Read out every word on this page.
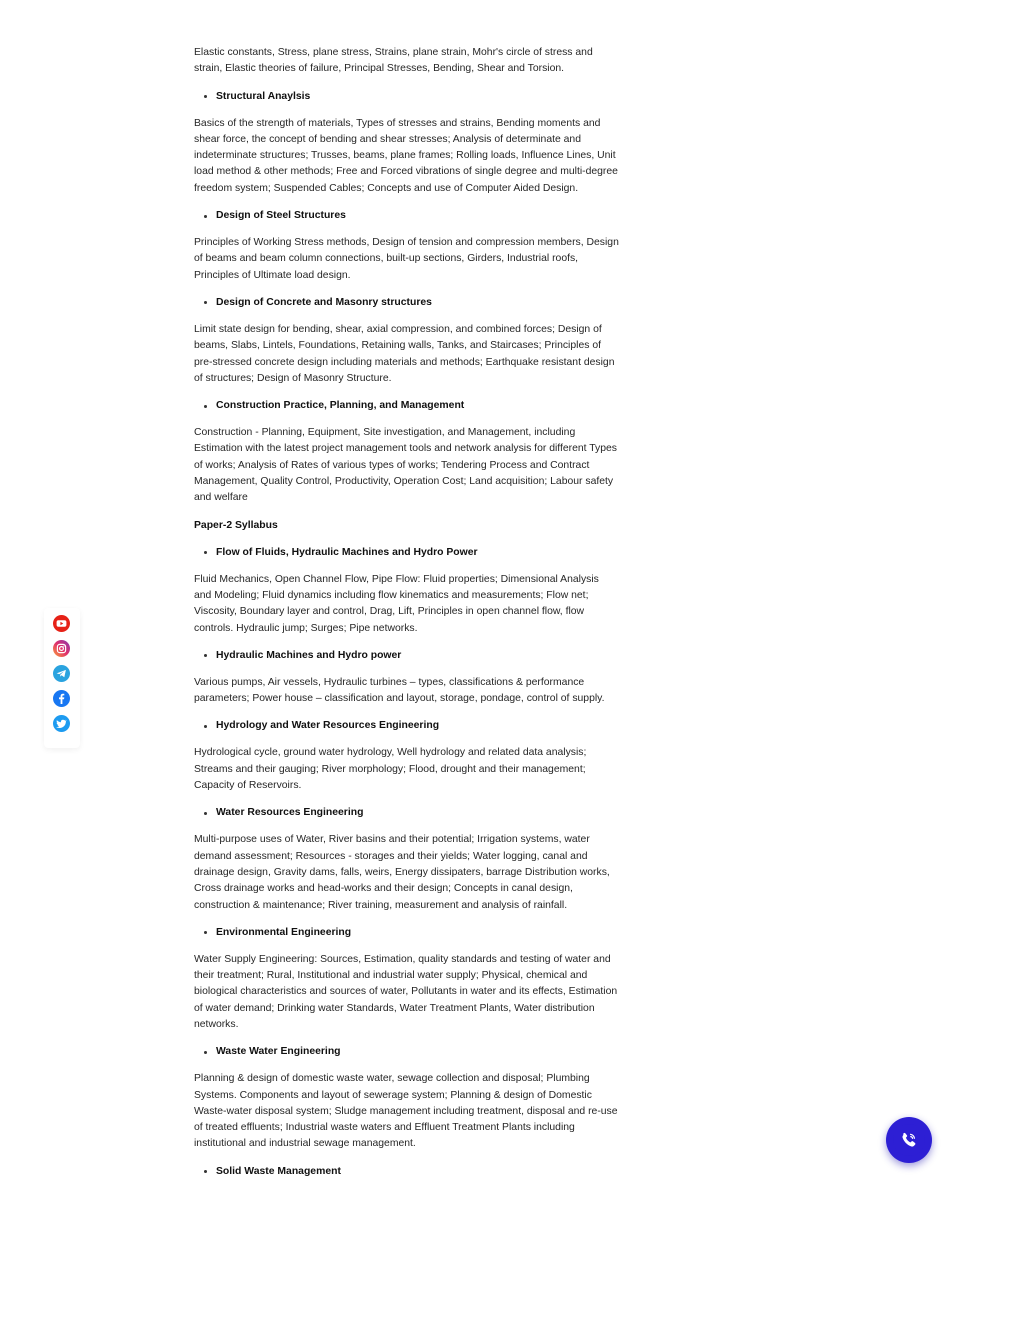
Elastic constants, Stress, plane stress, Strains, plane strain, Mohr's circle of stress and strain, Elastic theories of failure, Principal Stresses, Bending, Shear and Torsion.

Structural Anaylsis

Basics of the strength of materials, Types of stresses and strains, Bending moments and shear force, the concept of bending and shear stresses; Analysis of determinate and indeterminate structures; Trusses, beams, plane frames; Rolling loads, Influence Lines, Unit load method & other methods; Free and Forced vibrations of single degree and multi-degree freedom system; Suspended Cables; Concepts and use of Computer Aided Design.

Design of Steel Structures

Principles of Working Stress methods, Design of tension and compression members, Design of beams and beam column connections, built-up sections, Girders, Industrial roofs, Principles of Ultimate load design.

Design of Concrete and Masonry structures

Limit state design for bending, shear, axial compression, and combined forces; Design of beams, Slabs, Lintels, Foundations, Retaining walls, Tanks, and Staircases; Principles of pre-stressed concrete design including materials and methods; Earthquake resistant design of structures; Design of Masonry Structure.

Construction Practice, Planning, and Management

Construction - Planning, Equipment, Site investigation, and Management, including Estimation with the latest project management tools and network analysis for different Types of works; Analysis of Rates of various types of works; Tendering Process and Contract Management, Quality Control, Productivity, Operation Cost; Land acquisition; Labour safety and welfare

Paper-2 Syllabus
Flow of Fluids, Hydraulic Machines and Hydro Power

Fluid Mechanics, Open Channel Flow, Pipe Flow: Fluid properties; Dimensional Analysis and Modeling; Fluid dynamics including flow kinematics and measurements; Flow net; Viscosity, Boundary layer and control, Drag, Lift, Principles in open channel flow, flow controls. Hydraulic jump; Surges; Pipe networks.

Hydraulic Machines and Hydro power

Various pumps, Air vessels, Hydraulic turbines – types, classifications & performance parameters; Power house – classification and layout, storage, pondage, control of supply.

Hydrology and Water Resources Engineering

Hydrological cycle, ground water hydrology, Well hydrology and related data analysis; Streams and their gauging; River morphology; Flood, drought and their management; Capacity of Reservoirs.

Water Resources Engineering

Multi-purpose uses of Water, River basins and their potential; Irrigation systems, water demand assessment; Resources - storages and their yields; Water logging, canal and drainage design, Gravity dams, falls, weirs, Energy dissipaters, barrage Distribution works, Cross drainage works and head-works and their design; Concepts in canal design, construction & maintenance; River training, measurement and analysis of rainfall.

Environmental Engineering

Water Supply Engineering: Sources, Estimation, quality standards and testing of water and their treatment; Rural, Institutional and industrial water supply; Physical, chemical and biological characteristics and sources of water, Pollutants in water and its effects, Estimation of water demand; Drinking water Standards, Water Treatment Plants, Water distribution networks.

Waste Water Engineering

Planning & design of domestic waste water, sewage collection and disposal; Plumbing Systems. Components and layout of sewerage system; Planning & design of Domestic Waste-water disposal system; Sludge management including treatment, disposal and re-use of treated effluents; Industrial waste waters and Effluent Treatment Plants including institutional and industrial sewage management.

Solid Waste Management
